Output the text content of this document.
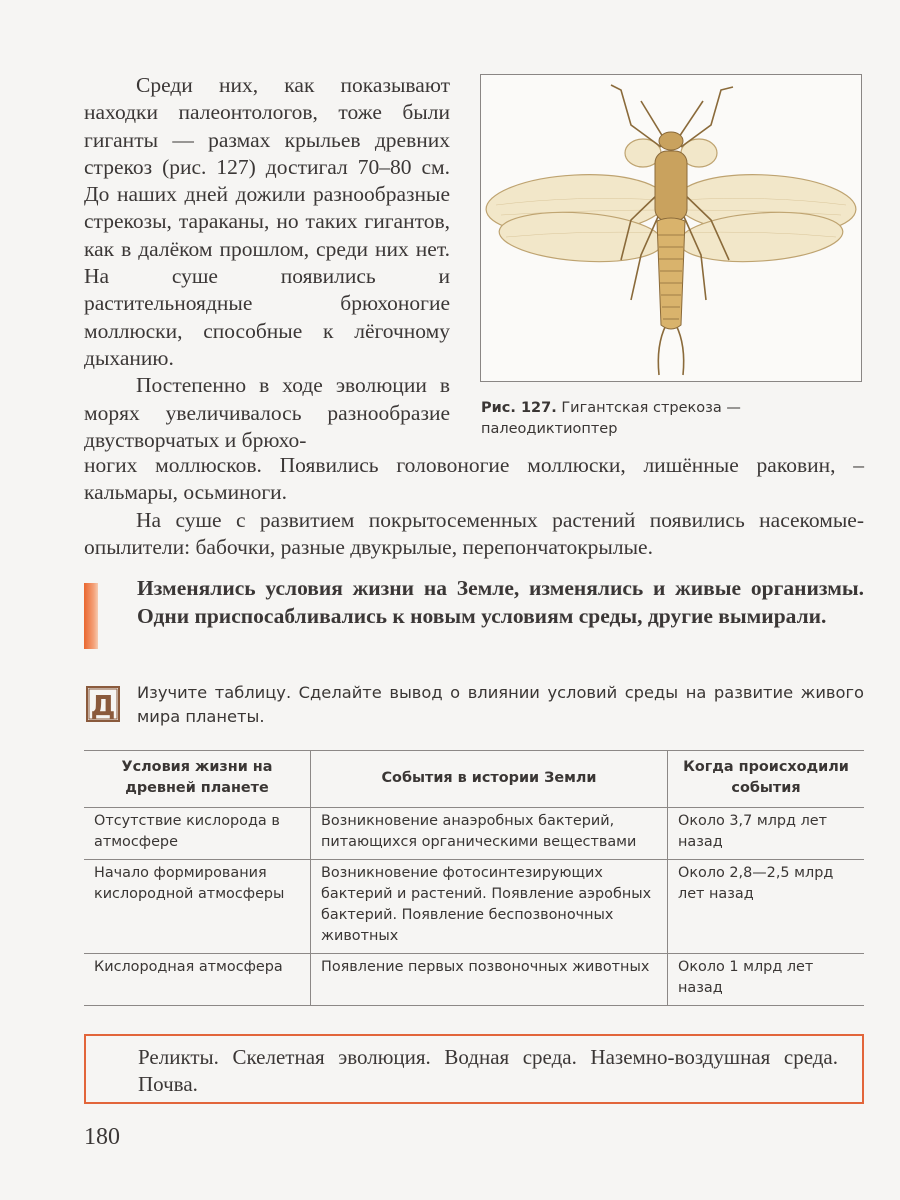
Среди них, как показывают находки палеонтологов, тоже были гиганты — размах крыльев древних стрекоз (рис. 127) достигал 70–80 см. До наших дней дожили разнообразные стрекозы, тараканы, но таких гигантов, как в далёком прошлом, среди них нет. На суше появились и растительноядные брюхоногие моллюски, способные к лёгочному дыханию.

Постепенно в ходе эволюции в морях увеличивалось разнообразие двустворчатых и брюхо-

Рис. 127. Гигантская стрекоза — палеодиктиоптер

ногих моллюсков. Появились головоногие моллюски, лишённые раковин, – кальмары, осьминоги.

На суше с развитием покрытосеменных растений появились насекомые-опылители: бабочки, разные двукрылые, перепончатокрылые.

Изменялись условия жизни на Земле, изменялись и живые организмы. Одни приспосабливались к новым условиям среды, другие вымирали.
Д Изучите таблицу. Сделайте вывод о влиянии условий среды на развитие живого мира планеты.
Условия жизни на древней планете	События в истории Земли	Когда происходили события
Отсутствие кислорода в атмосфере	Возникновение анаэробных бактерий, питающихся органическими веществами	Около 3,7 млрд лет назад
Начало формирования кислородной атмосферы	Возникновение фотосинтезирующих бактерий и растений. Появление аэробных бактерий. Появление беспозвоночных животных	Около 2,8—2,5 млрд лет назад
Кислородная атмосфера	Появление первых позвоночных животных	Около 1 млрд лет назад
Реликты. Скелетная эволюция. Водная среда. Наземно-воздушная среда. Почва.
180
